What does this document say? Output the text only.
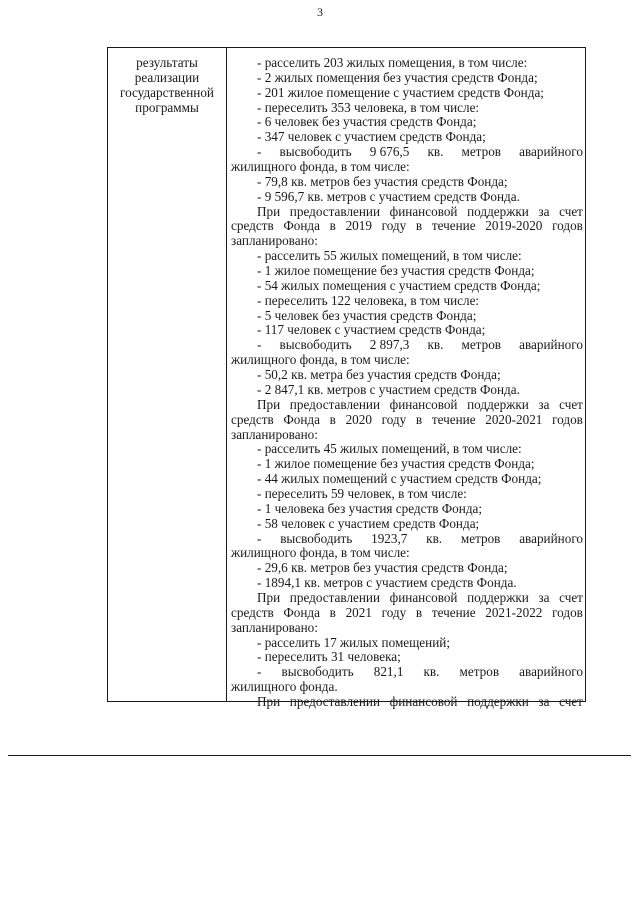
3
результаты
реализации
государственной
программы
- расселить 203 жилых помещения, в том числе:
- 2 жилых помещения без участия средств Фонда;
- 201 жилое помещение с участием средств Фонда;
- переселить 353 человека, в том числе:
- 6 человек без участия средств Фонда;
- 347 человек с участием средств Фонда;
- высвободить 9 676,5 кв. метров аварийного
жилищного фонда, в том числе:
- 79,8 кв. метров без участия средств Фонда;
- 9 596,7 кв. метров с участием средств Фонда.
При предоставлении финансовой поддержки за счет
средств Фонда в 2019 году в течение 2019-2020 годов
запланировано:
- расселить 55 жилых помещений, в том числе:
- 1 жилое помещение без участия средств Фонда;
- 54 жилых помещения с участием средств Фонда;
- переселить 122 человека, в том числе:
- 5 человек без участия средств Фонда;
- 117 человек с участием средств Фонда;
- высвободить 2 897,3 кв. метров аварийного
жилищного фонда, в том числе:
- 50,2 кв. метра без участия средств Фонда;
- 2 847,1 кв. метров с участием средств Фонда.
При предоставлении финансовой поддержки за счет
средств Фонда в 2020 году в течение 2020-2021 годов
запланировано:
- расселить 45 жилых помещений, в том числе:
- 1 жилое помещение без участия средств Фонда;
- 44 жилых помещений с участием средств Фонда;
- переселить 59 человек, в том числе:
- 1 человека без участия средств Фонда;
- 58 человек с участием средств Фонда;
- высвободить 1923,7 кв. метров аварийного
жилищного фонда, в том числе:
- 29,6 кв. метров без участия средств Фонда;
- 1894,1 кв. метров с участием средств Фонда.
При предоставлении финансовой поддержки за счет
средств Фонда в 2021 году в течение 2021-2022 годов
запланировано:
- расселить 17 жилых помещений;
- переселить 31 человека;
- высвободить 821,1 кв. метров аварийного
жилищного фонда.
При предоставлении финансовой поддержки за счет
